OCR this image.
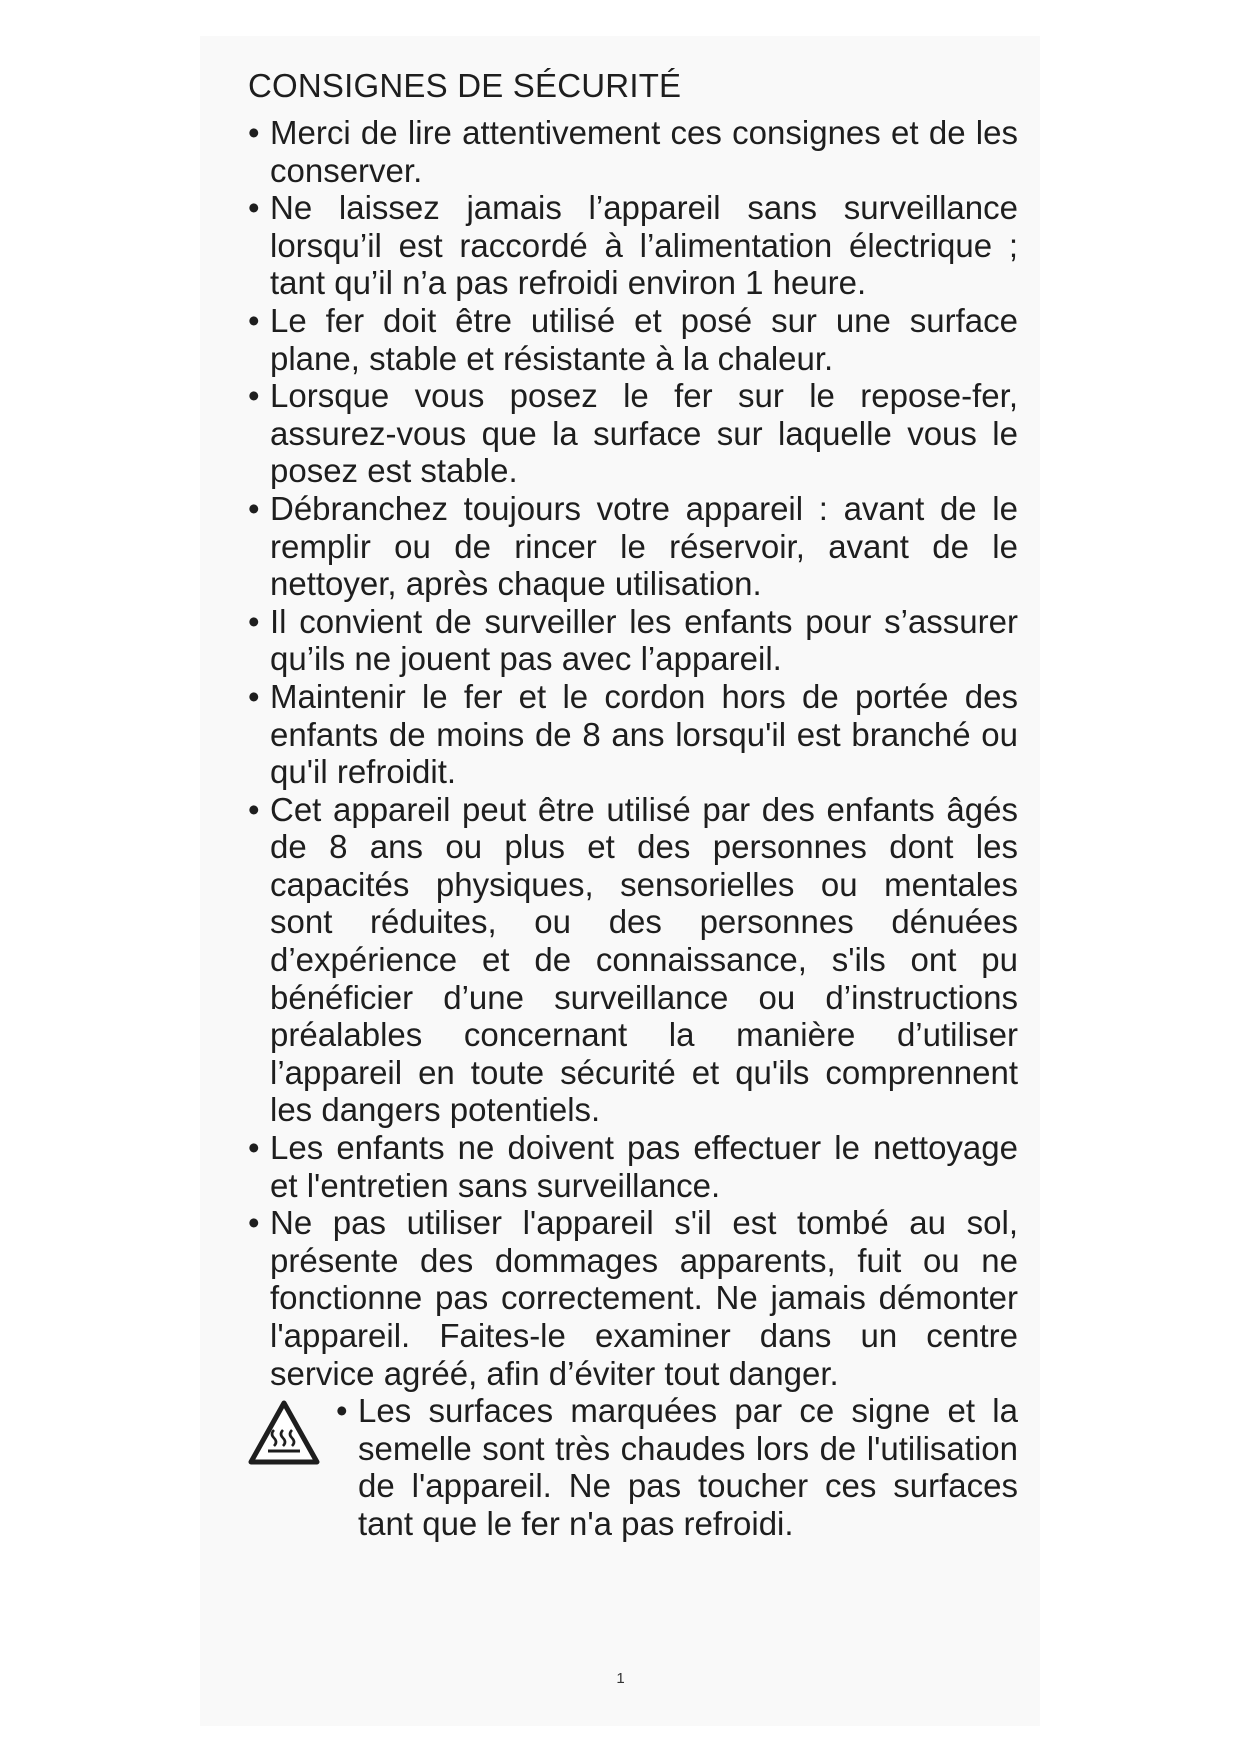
CONSIGNES DE SÉCURITÉ
• Merci de lire attentivement ces consignes et de les conserver.
• Ne laissez jamais l’appareil sans surveillance lorsqu’il est raccordé à l’alimentation électrique ; tant qu’il n’a pas refroidi environ 1 heure.
• Le fer doit être utilisé et posé sur une surface plane, stable et résistante à la chaleur.
• Lorsque vous posez le fer sur le repose-fer, assurez-vous que la surface sur laquelle vous le posez est stable.
• Débranchez toujours votre appareil : avant de le remplir ou de rincer le réservoir, avant de le nettoyer, après chaque utilisation.
• Il convient de surveiller les enfants pour s’assurer qu’ils ne jouent pas avec l’appareil.
• Maintenir le fer et le cordon hors de portée des enfants de moins de 8 ans lorsqu'il est branché ou qu'il refroidit.
• Cet appareil peut être utilisé par des enfants âgés de 8 ans ou plus et des personnes dont les capacités physiques, sensorielles ou mentales sont réduites, ou des personnes dénuées d’expérience et de connaissance, s'ils ont pu bénéficier d’une surveillance ou d’instructions préalables concernant la manière d’utiliser l’appareil en toute sécurité et qu'ils comprennent les dangers potentiels.
• Les enfants ne doivent pas effectuer le nettoyage et l'entretien sans surveillance.
• Ne pas utiliser l'appareil s'il est tombé au sol, présente des dommages apparents, fuit ou ne fonctionne pas correctement. Ne jamais démonter l'appareil. Faites-le examiner dans un centre service agréé, afin d’éviter tout danger.
• Les surfaces marquées par ce signe et la semelle sont très chaudes lors de l'utilisation de l'appareil. Ne pas toucher ces surfaces tant que le fer n'a pas refroidi.
1
